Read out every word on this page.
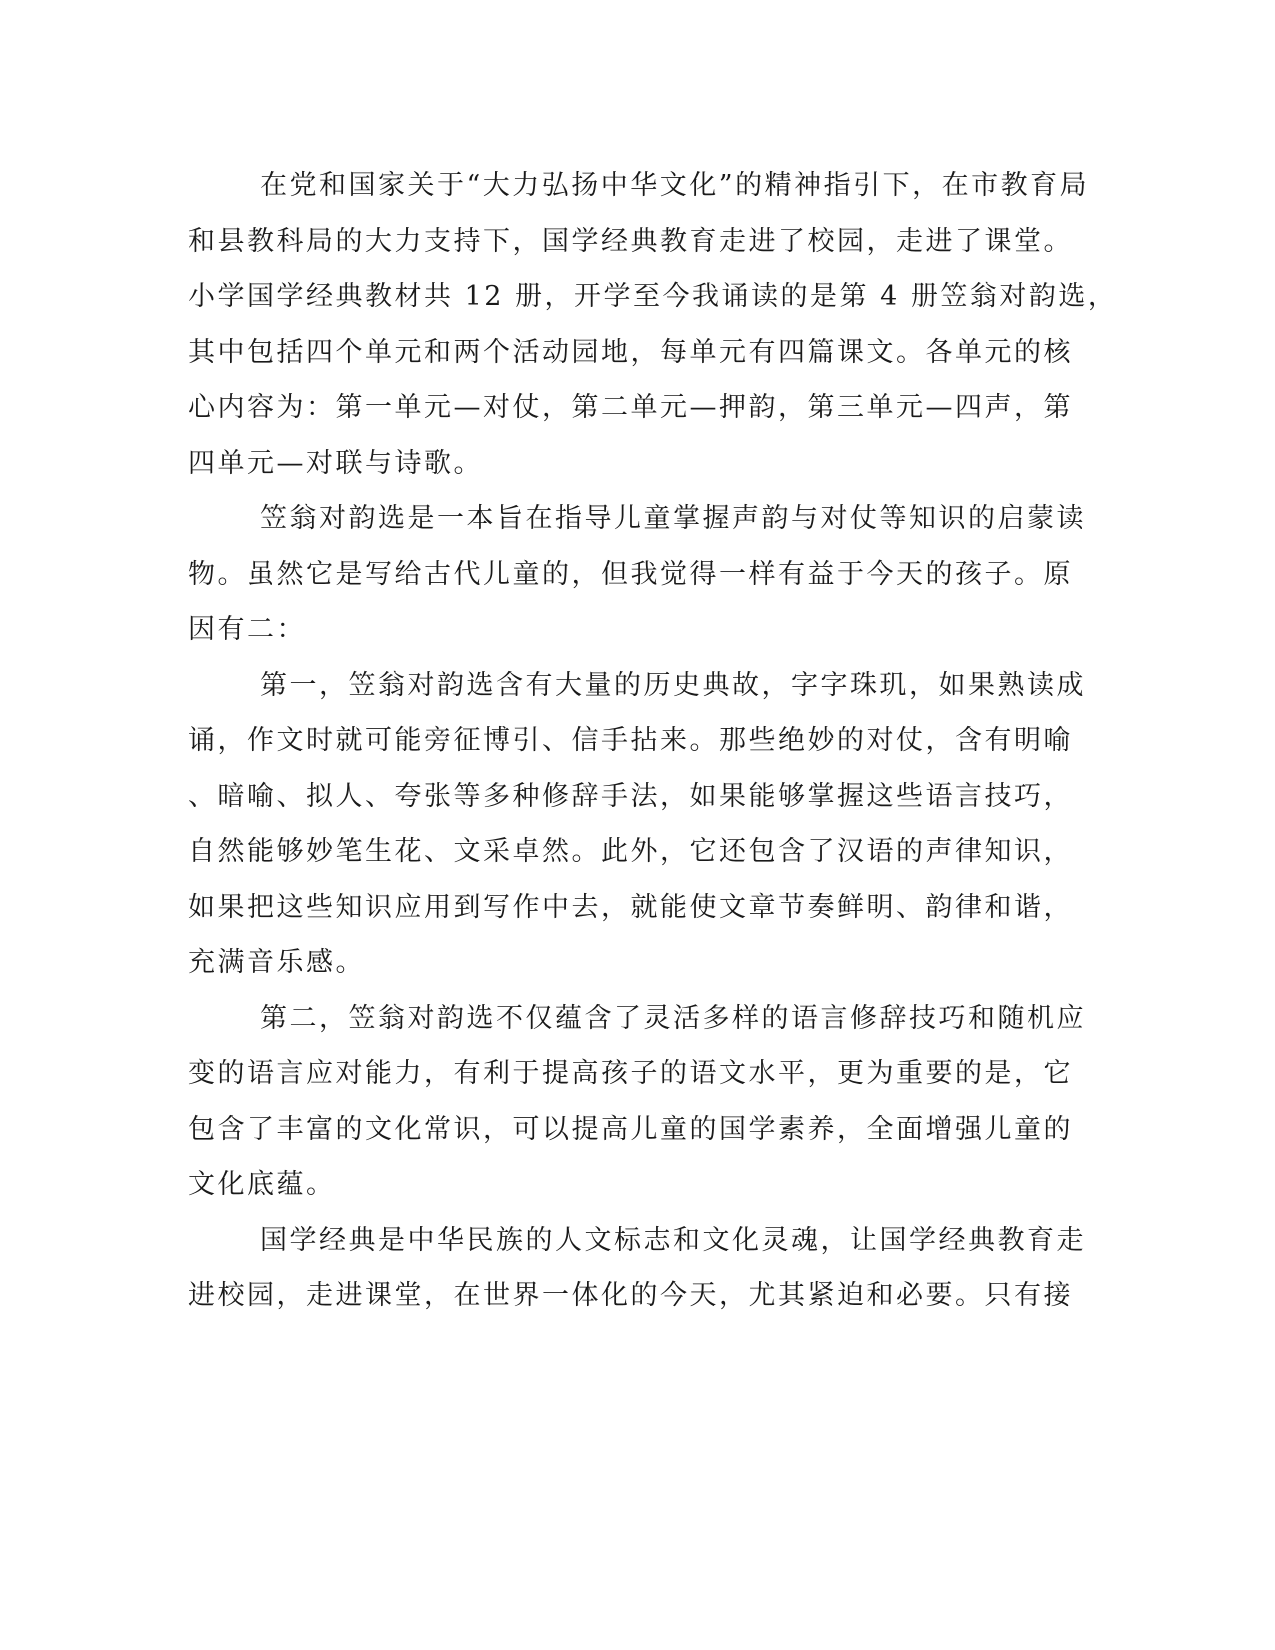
在党和国家关于“大力弘扬中华文化”的精神指引下，在市教育局
和县教科局的大力支持下，国学经典教育走进了校园，走进了课堂。
小学国学经典教材共 12 册，开学至今我诵读的是第 4 册笠翁对韵选，
其中包括四个单元和两个活动园地，每单元有四篇课文。各单元的核
心内容为：第一单元—对仗，第二单元—押韵，第三单元—四声，第
四单元—对联与诗歌。
笠翁对韵选是一本旨在指导儿童掌握声韵与对仗等知识的启蒙读
物。虽然它是写给古代儿童的，但我觉得一样有益于今天的孩子。原
因有二：
第一，笠翁对韵选含有大量的历史典故，字字珠玑，如果熟读成
诵，作文时就可能旁征博引、信手拈来。那些绝妙的对仗，含有明喻
、暗喻、拟人、夸张等多种修辞手法，如果能够掌握这些语言技巧，
自然能够妙笔生花、文采卓然。此外，它还包含了汉语的声律知识，
如果把这些知识应用到写作中去，就能使文章节奏鲜明、韵律和谐，
充满音乐感。
第二，笠翁对韵选不仅蕴含了灵活多样的语言修辞技巧和随机应
变的语言应对能力，有利于提高孩子的语文水平，更为重要的是，它
包含了丰富的文化常识，可以提高儿童的国学素养，全面增强儿童的
文化底蕴。
国学经典是中华民族的人文标志和文化灵魂，让国学经典教育走
进校园，走进课堂，在世界一体化的今天，尤其紧迫和必要。只有接
